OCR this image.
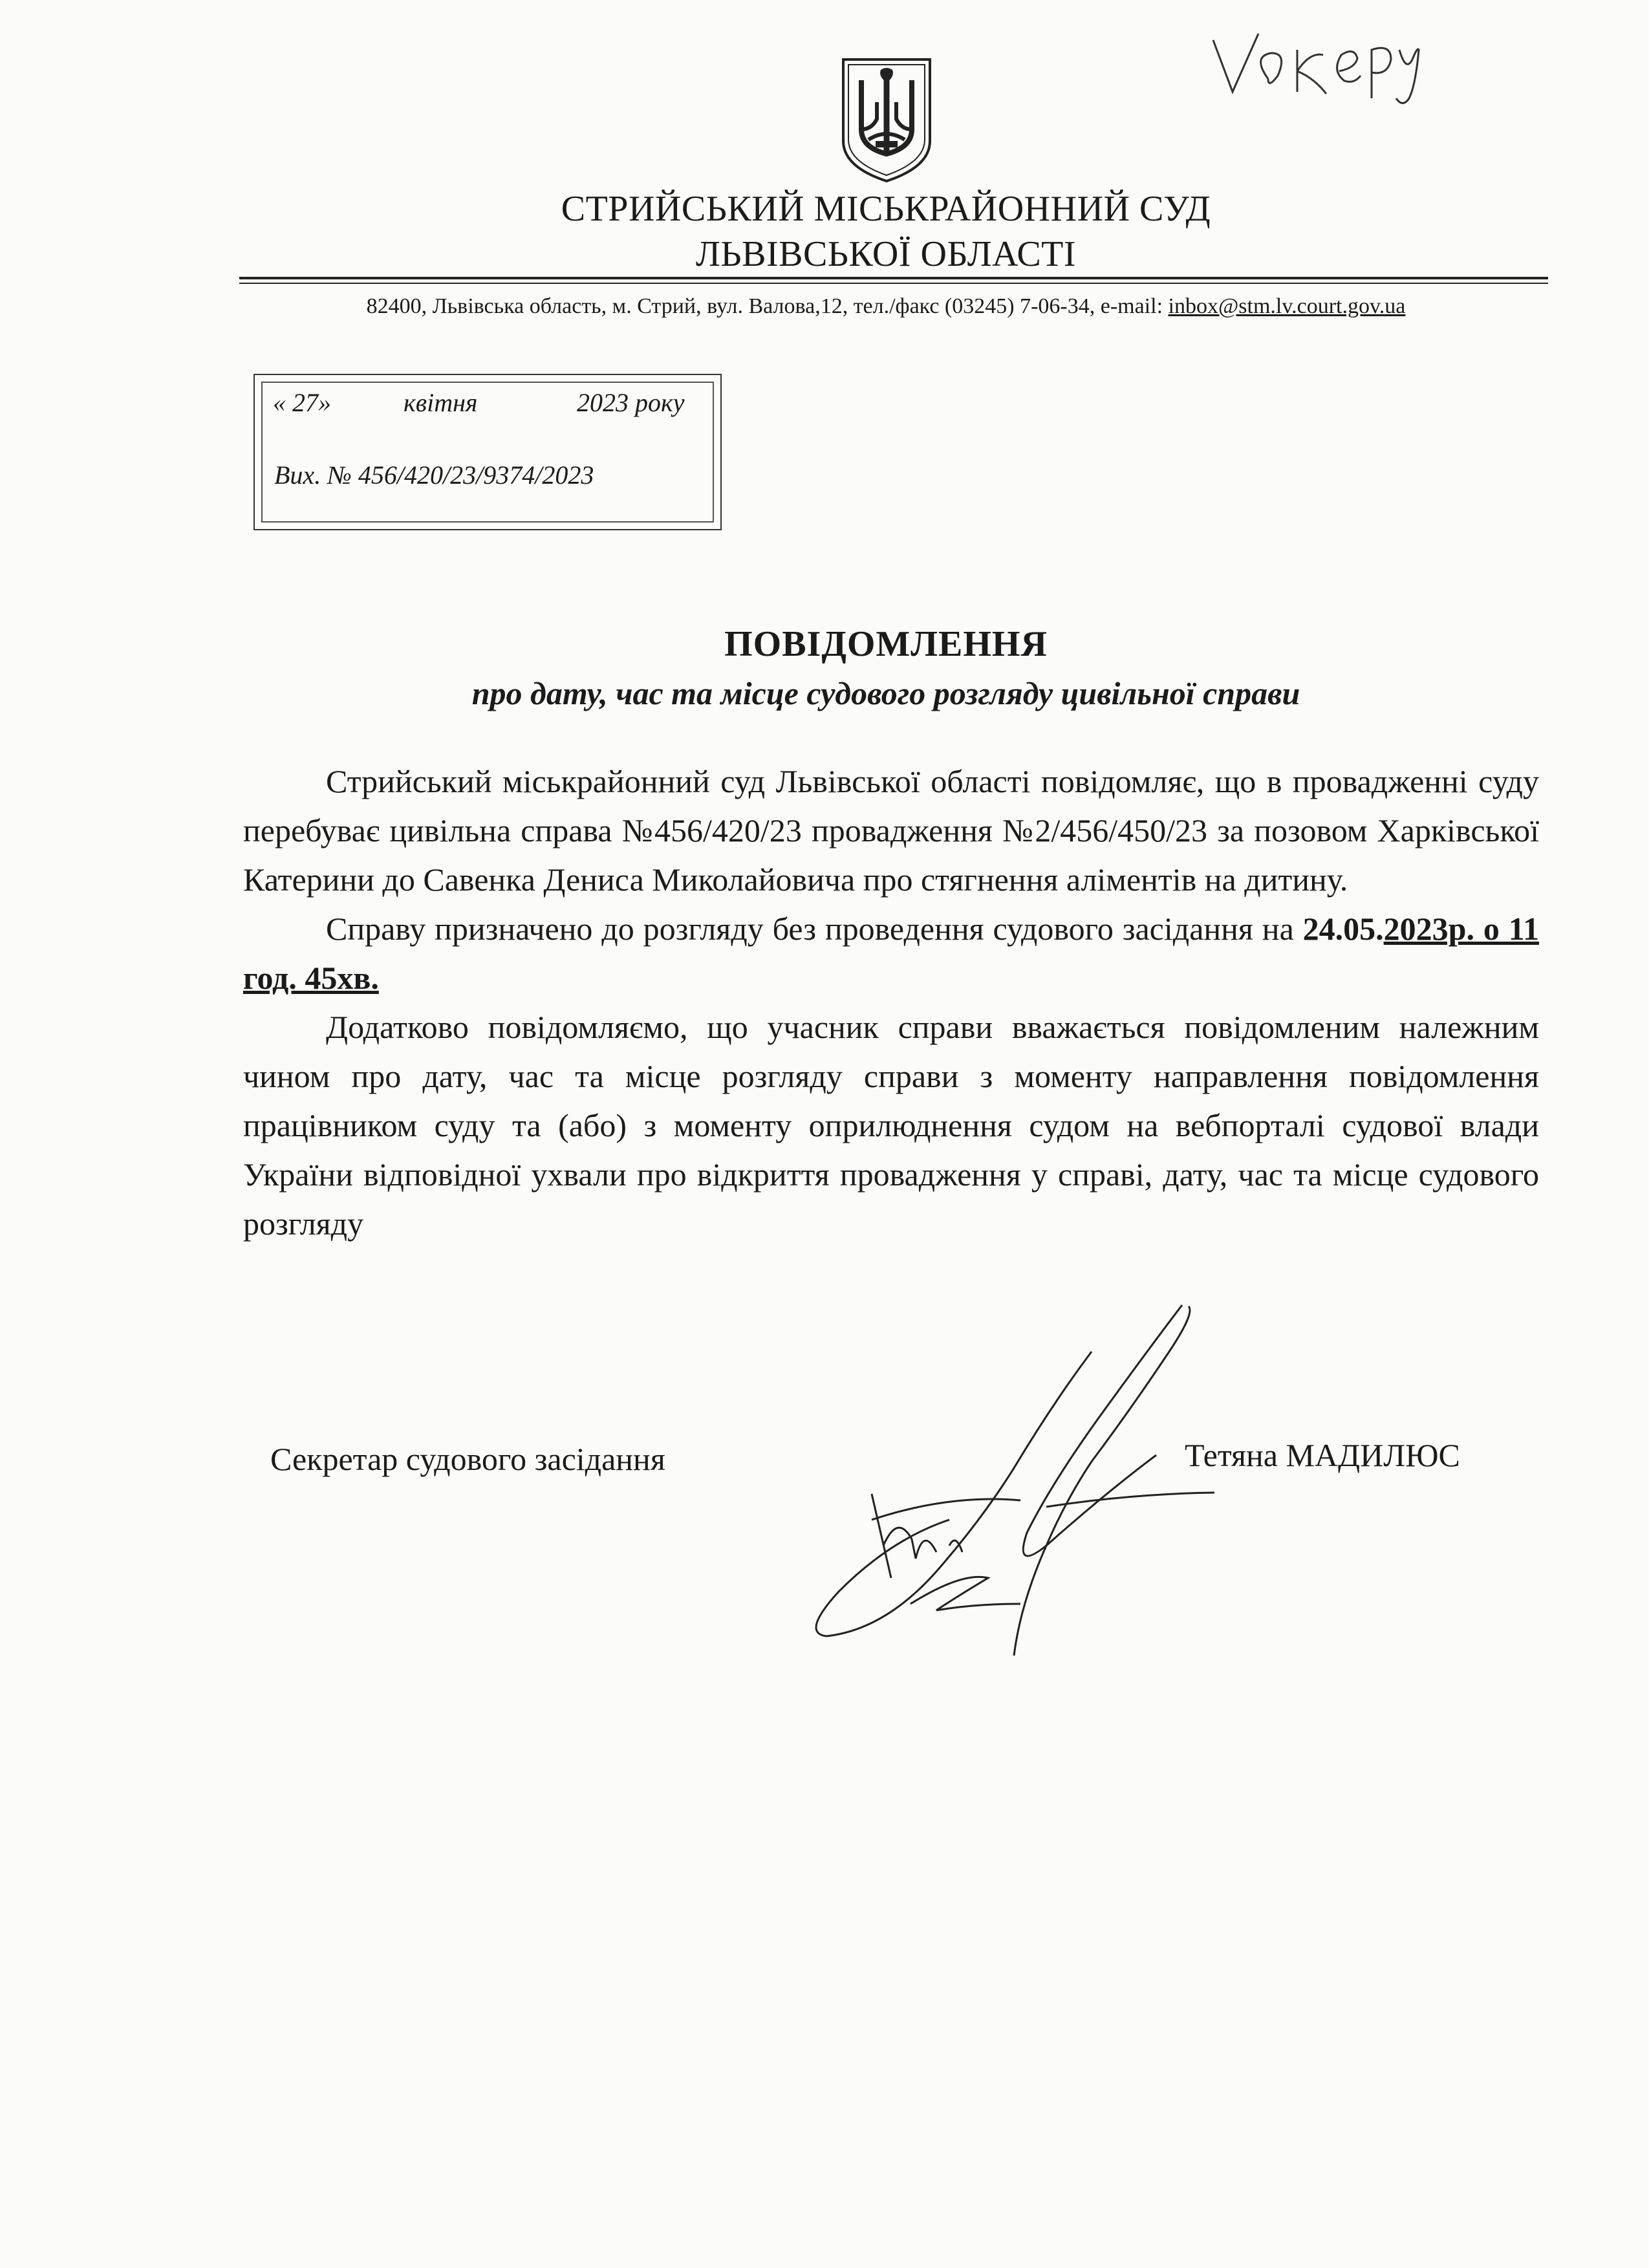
СТРИЙСЬКИЙ МІСЬКРАЙОННИЙ СУД
ЛЬВІВСЬКОЇ ОБЛАСТІ
82400, Львівська область, м. Стрий, вул. Валова,12, тел./факс (03245) 7-06-34, e-mail: inbox@stm.lv.court.gov.ua
« 27»	квітня	2023 року
Вих. № 456/420/23/9374/2023
ПОВІДОМЛЕННЯ
про дату, час та місце судового розгляду цивільної справи

Стрийський міськрайонний суд Львівської області повідомляє, що в провадженні суду перебуває цивільна справа №456/420/23 провадження №2/456/450/23 за позовом Харківської Катерини до Савенка Дениса Миколайовича про стягнення аліментів на дитину.

Справу призначено до розгляду без проведення судового засідання на 24.05.2023р. о 11 год. 45хв.

Додатково повідомляємо, що учасник справи вважається повідомленим належним чином про дату, час та місце розгляду справи з моменту направлення повідомлення працівником суду та (або) з моменту оприлюднення судом на вебпорталі судової влади України відповідної ухвали про відкриття провадження у справі, дату, час та місце судового розгляду

Секретар судового засідання	Тетяна МАДИЛЮС
